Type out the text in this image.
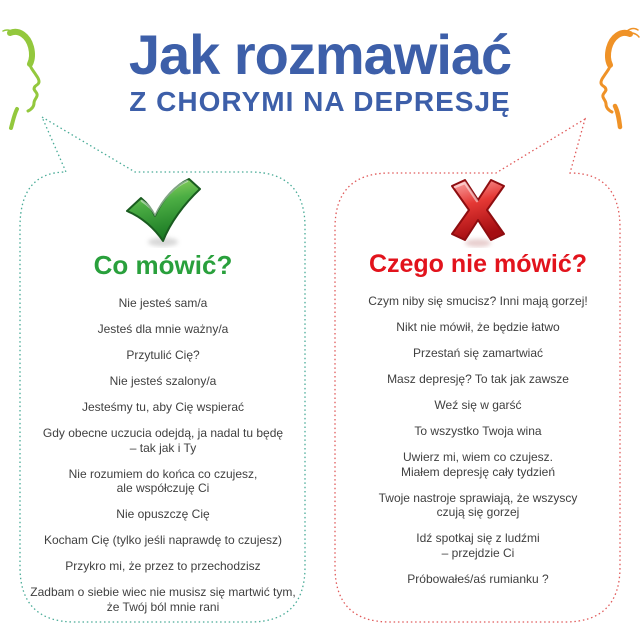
Jak rozmawiać
Z CHORYMI NA DEPRESJĘ
Co mówić?
Nie jesteś sam/a
Jesteś dla mnie ważny/a
Przytulić Cię?
Nie jesteś szalony/a
Jesteśmy tu, aby Cię wspierać
Gdy obecne uczucia odejdą, ja nadal tu będę
– tak jak i Ty
Nie rozumiem do końca co czujesz,
ale współczuję Ci
Nie opuszczę Cię
Kocham Cię (tylko jeśli naprawdę to czujesz)
Przykro mi, że przez to przechodzisz
Zadbam o siebie wiec nie musisz się martwić tym,
że Twój ból mnie rani
Czego nie mówić?
Czym niby się smucisz? Inni mają gorzej!
Nikt nie mówił, że będzie łatwo
Przestań się zamartwiać
Masz depresję? To tak jak zawsze
Weź się w garść
To wszystko Twoja wina
Uwierz mi, wiem co czujesz.
Miałem depresję cały tydzień
Twoje nastroje sprawiają, że wszyscy
czują się gorzej
Idź spotkaj się z ludźmi
– przejdzie Ci
Próbowałeś/aś rumianku ?
